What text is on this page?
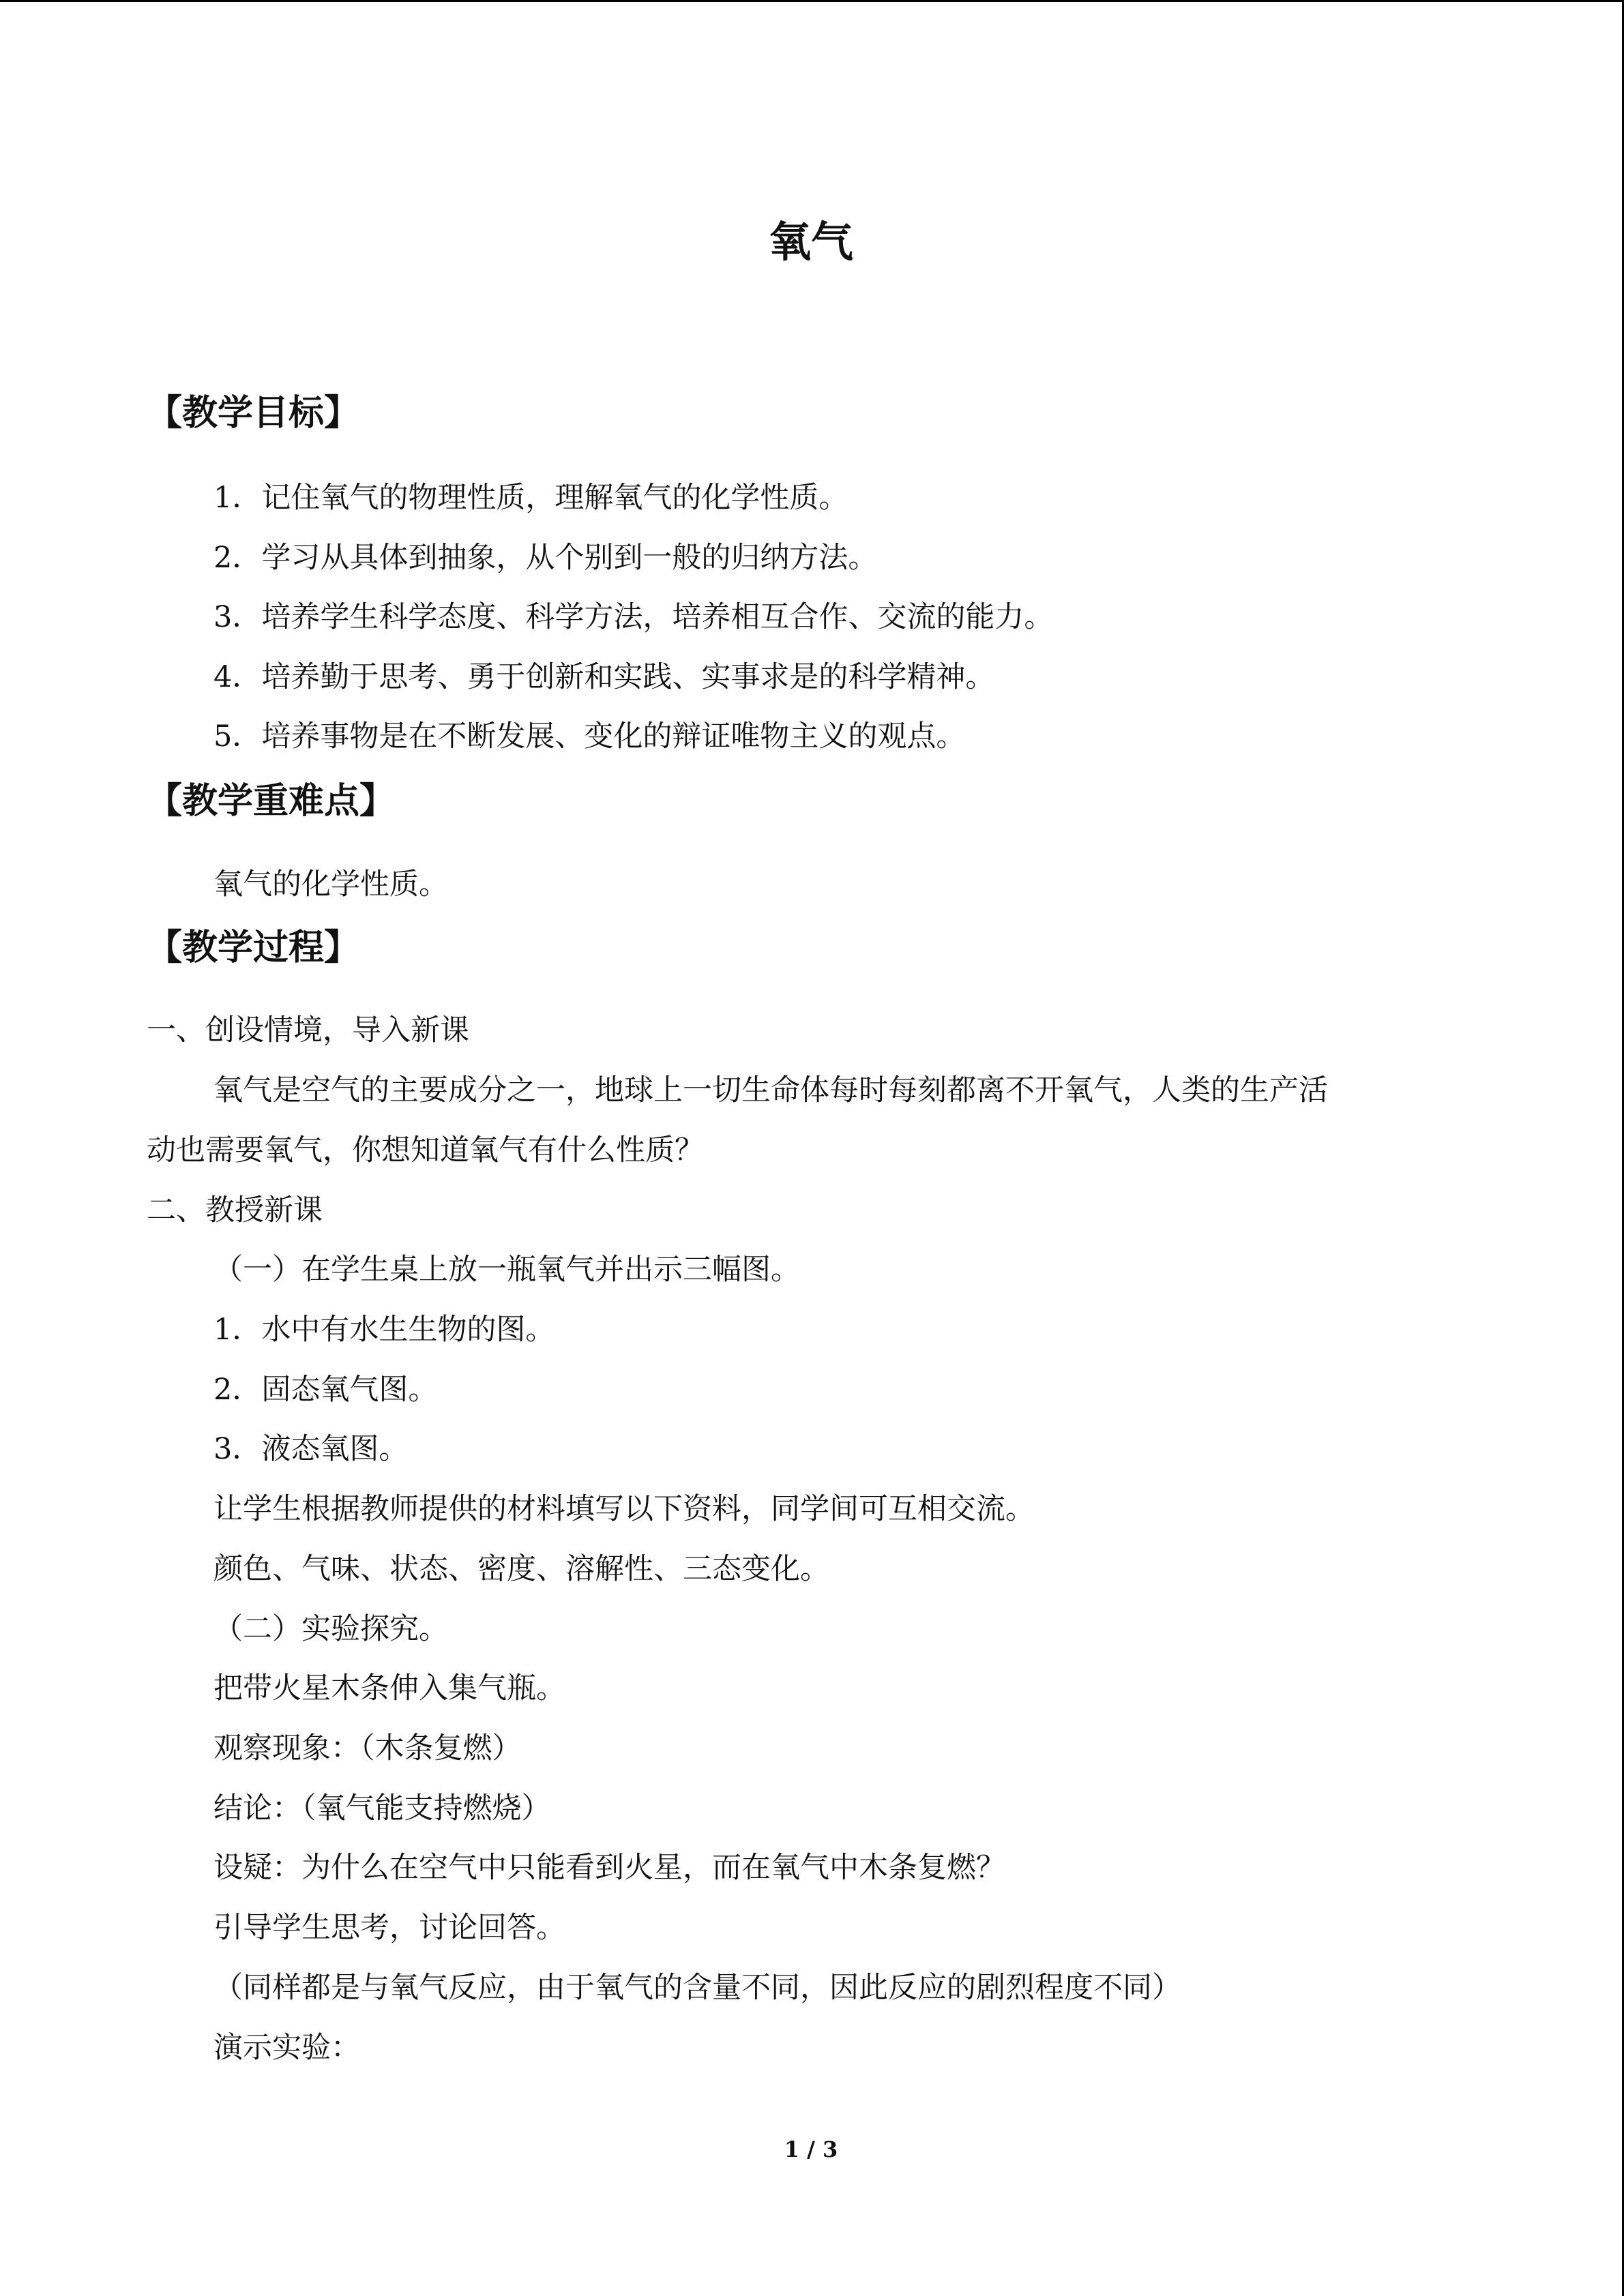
氧气
【教学目标】
1．记住氧气的物理性质，理解氧气的化学性质。
2．学习从具体到抽象，从个别到一般的归纳方法。
3．培养学生科学态度、科学方法，培养相互合作、交流的能力。
4．培养勤于思考、勇于创新和实践、实事求是的科学精神。
5．培养事物是在不断发展、变化的辩证唯物主义的观点。
【教学重难点】
氧气的化学性质。
【教学过程】
一、创设情境，导入新课
氧气是空气的主要成分之一，地球上一切生命体每时每刻都离不开氧气，人类的生产活
动也需要氧气，你想知道氧气有什么性质？
二、教授新课
（一）在学生桌上放一瓶氧气并出示三幅图。
1．水中有水生生物的图。
2．固态氧气图。
3．液态氧图。
让学生根据教师提供的材料填写以下资料，同学间可互相交流。
颜色、气味、状态、密度、溶解性、三态变化。
（二）实验探究。
把带火星木条伸入集气瓶。
观察现象：（木条复燃）
结论：（氧气能支持燃烧）
设疑：为什么在空气中只能看到火星，而在氧气中木条复燃？
引导学生思考，讨论回答。
（同样都是与氧气反应，由于氧气的含量不同，因此反应的剧烈程度不同）
演示实验：
1 / 3
